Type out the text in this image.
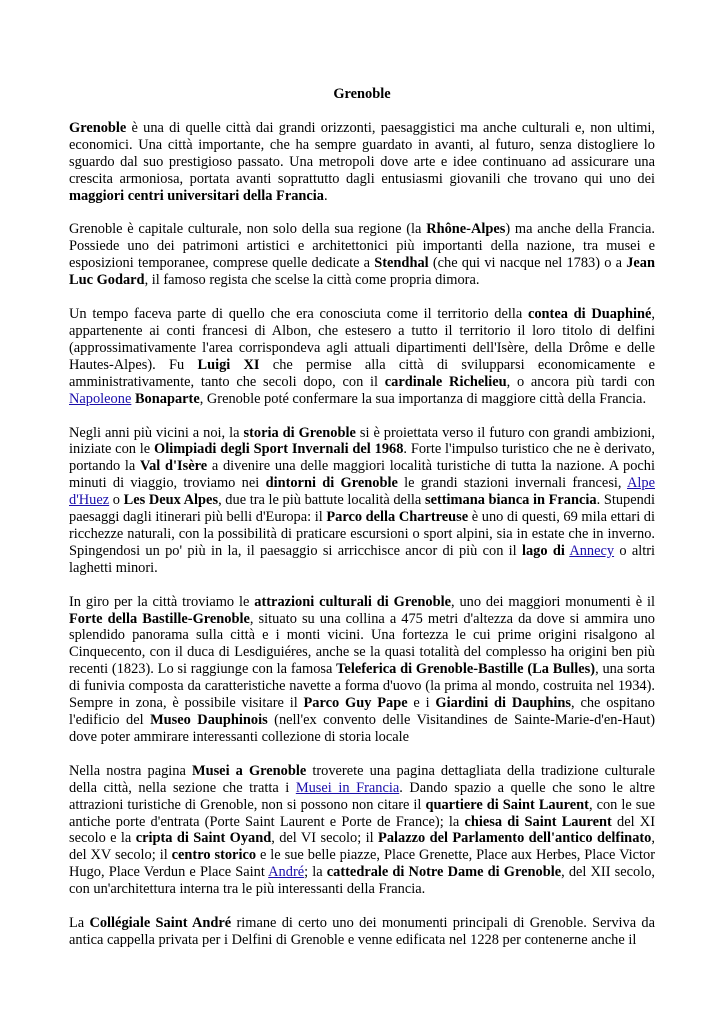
Grenoble

Grenoble è una di quelle città dai grandi orizzonti, paesaggistici ma anche culturali e, non ultimi, economici. Una città importante, che ha sempre guardato in avanti, al futuro, senza distogliere lo sguardo dal suo prestigioso passato. Una metropoli dove arte e idee continuano ad assicurare una crescita armoniosa, portata avanti soprattutto dagli entusiasmi giovanili che trovano qui uno dei maggiori centri universitari della Francia.

Grenoble è capitale culturale, non solo della sua regione (la Rhône-Alpes) ma anche della Francia. Possiede uno dei patrimoni artistici e architettonici più importanti della nazione, tra musei e esposizioni temporanee, comprese quelle dedicate a Stendhal (che qui vi nacque nel 1783) o a Jean Luc Godard, il famoso regista che scelse la città come propria dimora.

Un tempo faceva parte di quello che era conosciuta come il territorio della contea di Duaphiné, appartenente ai conti francesi di Albon, che estesero a tutto il territorio il loro titolo di delfini (approssimativamente l'area corrispondeva agli attuali dipartimenti dell'Isère, della Drôme e delle Hautes-Alpes). Fu Luigi XI che permise alla città di svilupparsi economicamente e amministrativamente, tanto che secoli dopo, con il cardinale Richelieu, o ancora più tardi con Napoleone Bonaparte, Grenoble poté confermare la sua importanza di maggiore città della Francia.

Negli anni più vicini a noi, la storia di Grenoble si è proiettata verso il futuro con grandi ambizioni, iniziate con le Olimpiadi degli Sport Invernali del 1968. Forte l'impulso turistico che ne è derivato, portando la Val d'Isère a divenire una delle maggiori località turistiche di tutta la nazione. A pochi minuti di viaggio, troviamo nei dintorni di Grenoble le grandi stazioni invernali francesi, Alpe d'Huez o Les Deux Alpes, due tra le più battute località della settimana bianca in Francia. Stupendi paesaggi dagli itinerari più belli d'Europa: il Parco della Chartreuse è uno di questi, 69 mila ettari di ricchezze naturali, con la possibilità di praticare escursioni o sport alpini, sia in estate che in inverno. Spingendosi un po' più in la, il paesaggio si arricchisce ancor di più con il lago di Annecy o altri laghetti minori.

In giro per la città troviamo le attrazioni culturali di Grenoble, uno dei maggiori monumenti è il Forte della Bastille-Grenoble, situato su una collina a 475 metri d'altezza da dove si ammira uno splendido panorama sulla città e i monti vicini. Una fortezza le cui prime origini risalgono al Cinquecento, con il duca di Lesdiguiéres, anche se la quasi totalità del complesso ha origini ben più recenti (1823). Lo si raggiunge con la famosa Teleferica di Grenoble-Bastille (La Bulles), una sorta di funivia composta da caratteristiche navette a forma d'uovo (la prima al mondo, costruita nel 1934). Sempre in zona, è possibile visitare il Parco Guy Pape e i Giardini di Dauphins, che ospitano l'edificio del Museo Dauphinois (nell'ex convento delle Visitandines de Sainte-Marie-d'en-Haut) dove poter ammirare interessanti collezione di storia locale

Nella nostra pagina Musei a Grenoble troverete una pagina dettagliata della tradizione culturale della città, nella sezione che tratta i Musei in Francia. Dando spazio a quelle che sono le altre attrazioni turistiche di Grenoble, non si possono non citare il quartiere di Saint Laurent, con le sue antiche porte d'entrata (Porte Saint Laurent e Porte de France); la chiesa di Saint Laurent del XI secolo e la cripta di Saint Oyand, del VI secolo; il Palazzo del Parlamento dell'antico delfinato, del XV secolo; il centro storico e le sue belle piazze, Place Grenette, Place aux Herbes, Place Victor Hugo, Place Verdun e Place Saint André; la cattedrale di Notre Dame di Grenoble, del XII secolo, con un'architettura interna tra le più interessanti della Francia.

La Collégiale Saint André rimane di certo uno dei monumenti principali di Grenoble. Serviva da antica cappella privata per i Delfini di Grenoble e venne edificata nel 1228 per contenerne anche il
